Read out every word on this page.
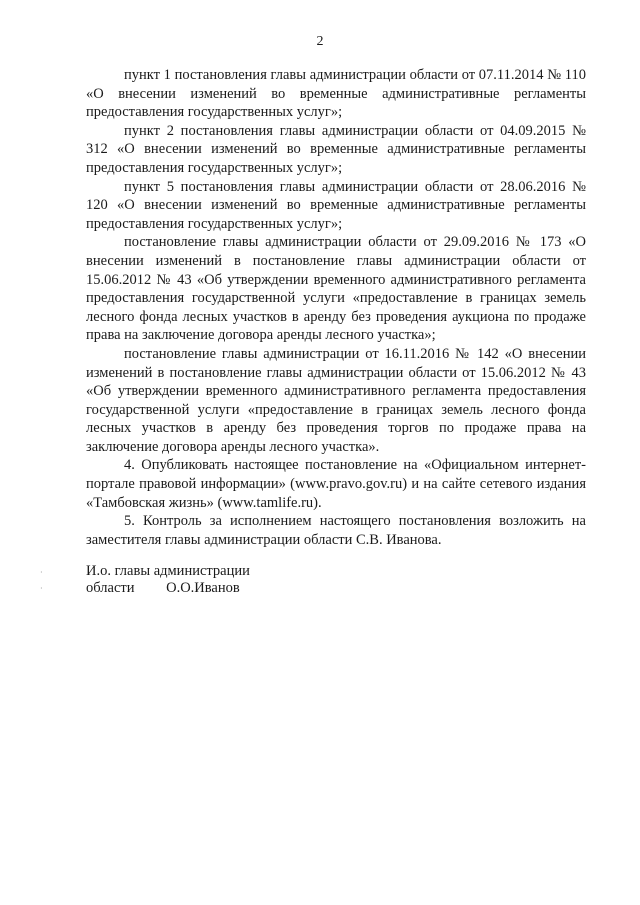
2

пункт 1 постановления главы администрации области от 07.11.2014 № 110 «О внесении изменений во временные административные регламенты предоставления государственных услуг»;

пункт 2 постановления главы администрации области от 04.09.2015 № 312 «О внесении изменений во временные административные регламенты предоставления государственных услуг»;

пункт 5 постановления главы администрации области от 28.06.2016 № 120 «О внесении изменений во временные административные регламенты предоставления государственных услуг»;

постановление главы администрации области от 29.09.2016 № 173 «О внесении изменений в постановление главы администрации области от 15.06.2012 № 43 «Об утверждении временного административного регламента предоставления государственной услуги «предоставление в границах земель лесного фонда лесных участков в аренду без проведения аукциона по продаже права на заключение договора аренды лесного участка»;

постановление главы администрации от 16.11.2016 № 142 «О внесении изменений в постановление главы администрации области от 15.06.2012 № 43 «Об утверждении временного административного регламента предоставления государственной услуги «предоставление в границах земель лесного фонда лесных участков в аренду без проведения торгов по продаже права на заключение договора аренды лесного участка».

4. Опубликовать настоящее постановление на «Официальном интернет-портале правовой информации» (www.pravo.gov.ru) и на сайте сетевого издания «Тамбовская жизнь» (www.tamlife.ru).

5. Контроль за исполнением настоящего постановления возложить на заместителя главы администрации области С.В. Иванова.

·
·
И.о. главы администрации
области О.О.Иванов
